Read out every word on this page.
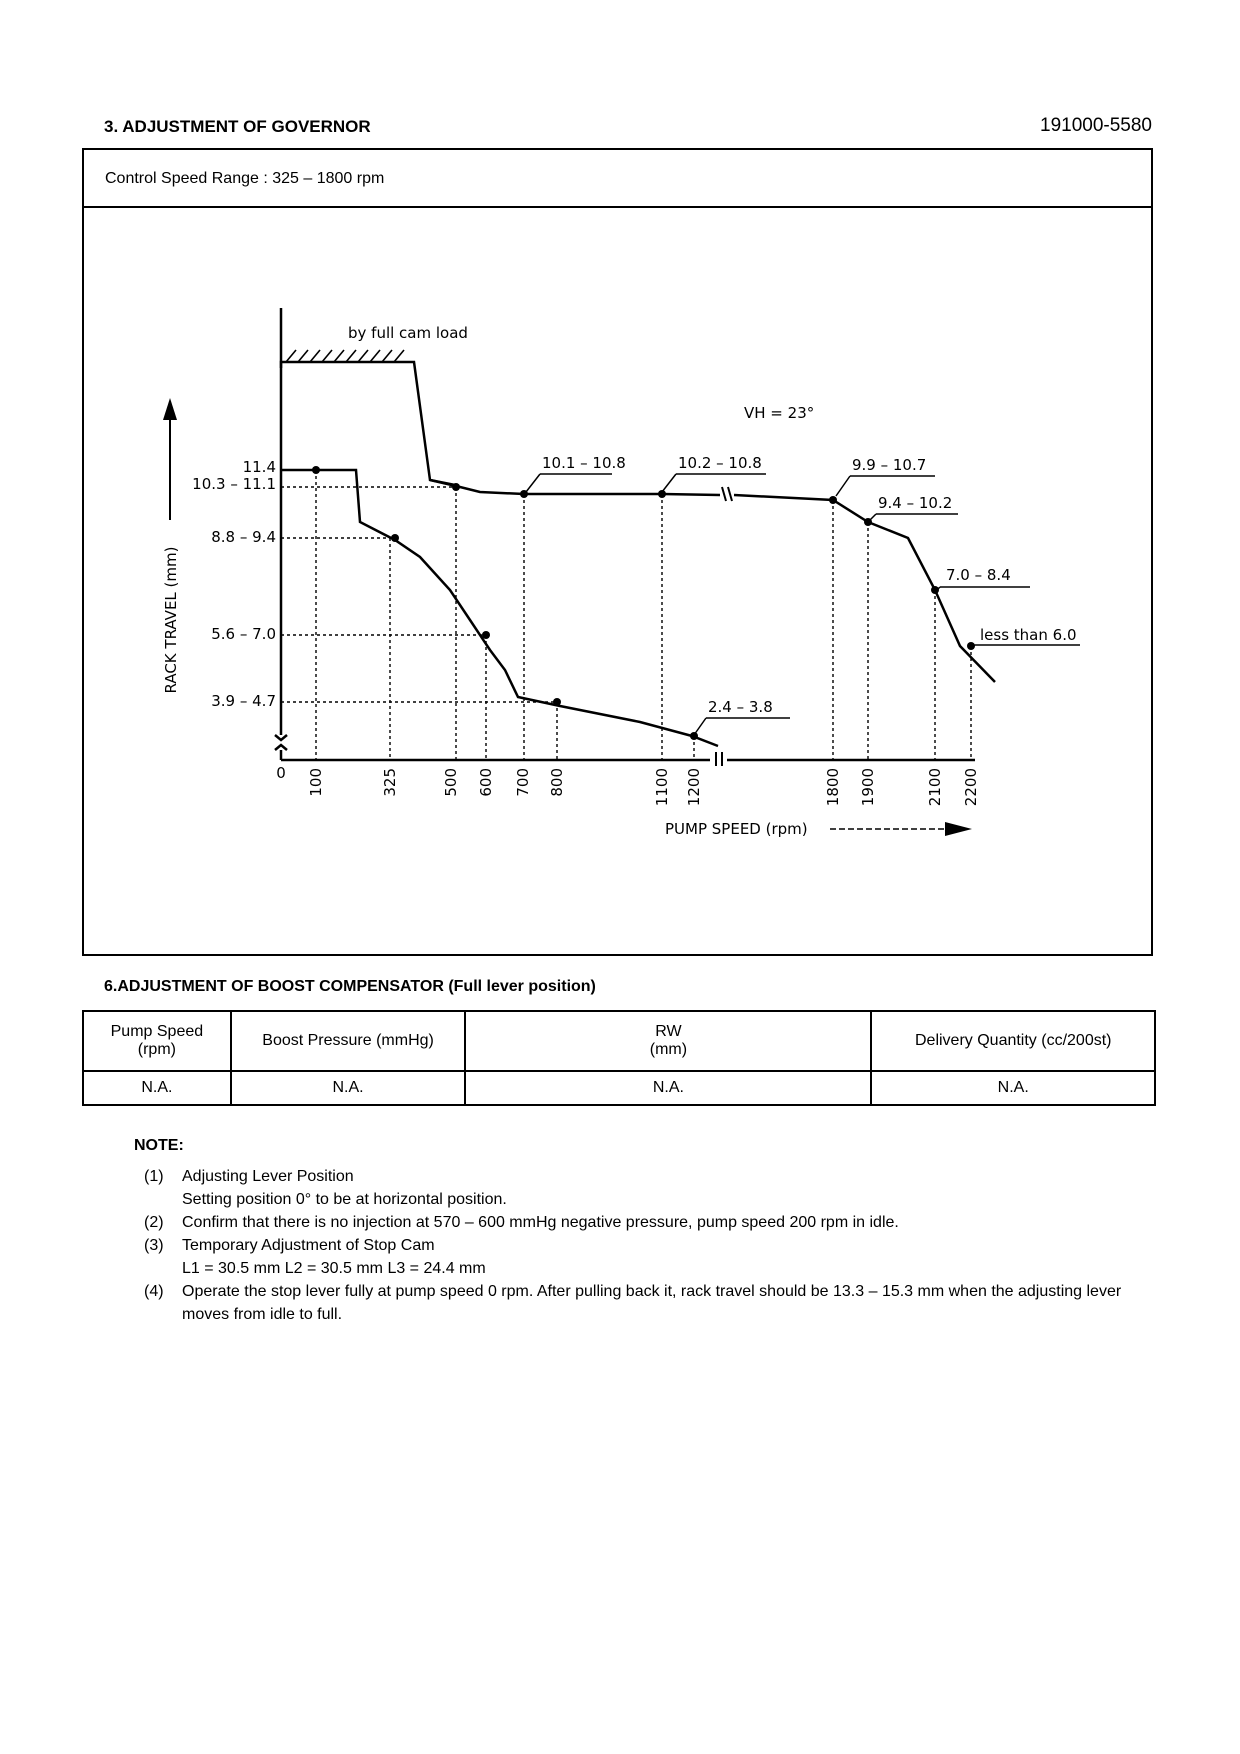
3. ADJUSTMENT OF GOVERNOR	191000-5580
Control Speed Range : 325 – 1800 rpm
by full cam load
VH = 23°
11.4
10.3 – 11.1
8.8 – 9.4
5.6 – 7.0
3.9 – 4.7
RACK TRAVEL (mm)
0 100	325	500 600 700 800	1100 1200	1800 1900	2100 2200
PUMP SPEED (rpm)
10.1 – 10.8	10.2 – 10.8	9.9 – 10.7
9.4 – 10.2
7.0 – 8.4
less than 6.0
2.4 – 3.8
6.ADJUSTMENT OF BOOST COMPENSATOR (Full lever position)
Pump Speed
(rpm)	Boost Pressure (mmHg)	RW
(mm)	Delivery Quantity (cc/200st)
N.A.	N.A.	N.A.	N.A.
NOTE:
(1)	Adjusting Lever Position
Setting position 0° to be at horizontal position.
(2)	Confirm that there is no injection at 570 – 600 mmHg negative pressure, pump speed 200 rpm in idle.
(3)	Temporary Adjustment of Stop Cam
L1 = 30.5 mm L2 = 30.5 mm L3 = 24.4 mm
(4)	Operate the stop lever fully at pump speed 0 rpm. After pulling back it, rack travel should be 13.3 – 15.3 mm when the adjusting lever moves from idle to full.
